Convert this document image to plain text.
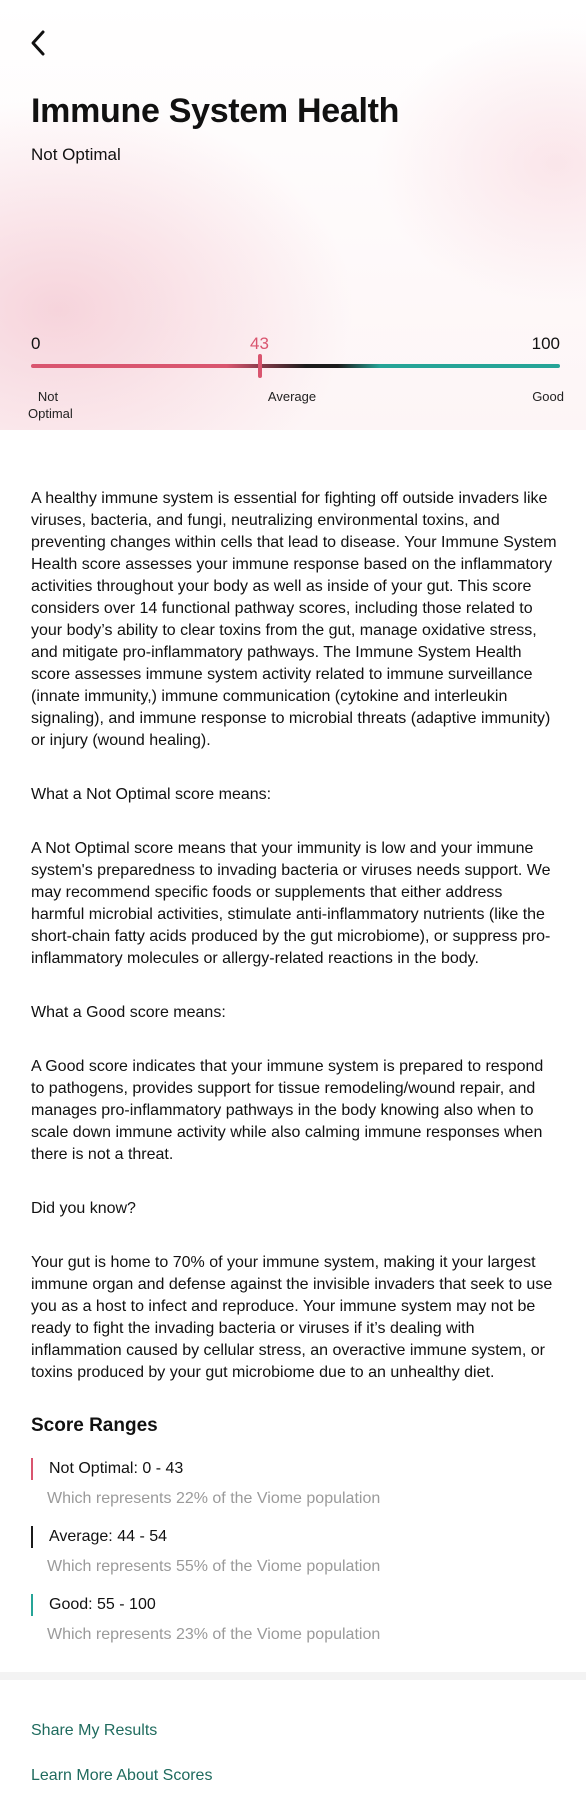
Immune System Health
Not Optimal
0	43	100
Not
Optimal
Average	Good

A healthy immune system is essential for fighting off outside invaders like viruses, bacteria, and fungi, neutralizing environmental toxins, and preventing changes within cells that lead to disease. Your Immune System Health score assesses your immune response based on the inflammatory activities throughout your body as well as inside of your gut. This score considers over 14 functional pathway scores, including those related to your body’s ability to clear toxins from the gut, manage oxidative stress, and mitigate pro-inflammatory pathways. The Immune System Health score assesses immune system activity related to immune surveillance (innate immunity,) immune communication (cytokine and interleukin signaling), and immune response to microbial threats (adaptive immunity) or injury (wound healing).

What a Not Optimal score means:

A Not Optimal score means that your immunity is low and your immune system's preparedness to invading bacteria or viruses needs support. We may recommend specific foods or supplements that either address harmful microbial activities, stimulate anti-inflammatory nutrients (like the short-chain fatty acids produced by the gut microbiome), or suppress pro-inflammatory molecules or allergy-related reactions in the body.

What a Good score means:

A Good score indicates that your immune system is prepared to respond to pathogens, provides support for tissue remodeling/wound repair, and manages pro-inflammatory pathways in the body knowing also when to scale down immune activity while also calming immune responses when there is not a threat.

Did you know?

Your gut is home to 70% of your immune system, making it your largest immune organ and defense against the invisible invaders that seek to use you as a host to infect and reproduce. Your immune system may not be ready to fight the invading bacteria or viruses if it’s dealing with inflammation caused by cellular stress, an overactive immune system, or toxins produced by your gut microbiome due to an unhealthy diet.

Score Ranges
Not Optimal: 0 - 43
Which represents 22% of the Viome population
Average: 44 - 54
Which represents 55% of the Viome population
Good: 55 - 100
Which represents 23% of the Viome population
Share My Results
Learn More About Scores
